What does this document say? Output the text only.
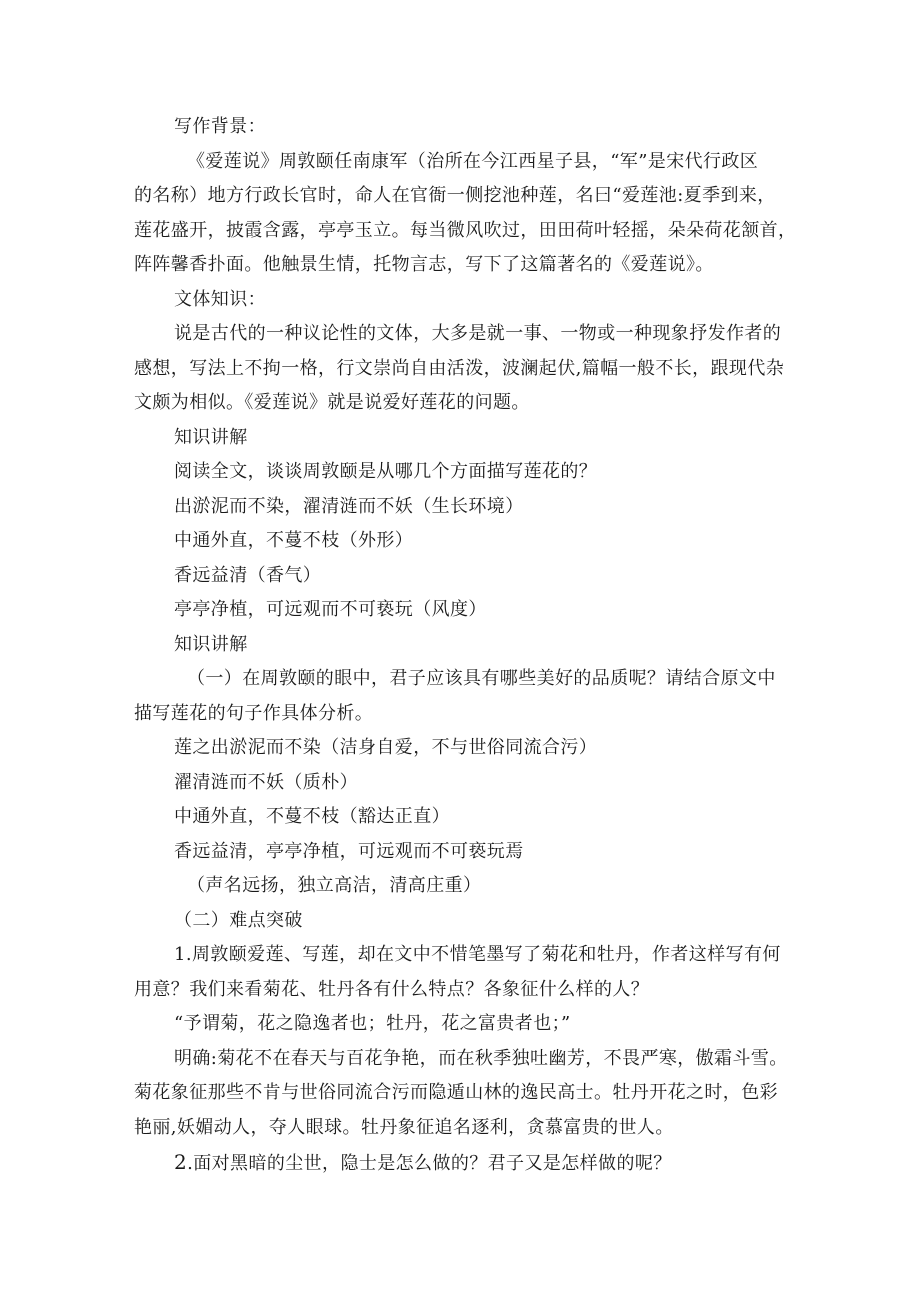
写作背景：
《爱莲说》周敦颐任南康军（治所在今江西星子县，“军”是宋代行政区
的名称）地方行政长官时，命人在官衙一侧挖池种莲，名曰“爱莲池:夏季到来，
莲花盛开，披霞含露，亭亭玉立。每当微风吹过，田田荷叶轻摇，朵朵荷花颔首，
阵阵馨香扑面。他触景生情，托物言志，写下了这篇著名的《爱莲说》。
文体知识：
说是古代的一种议论性的文体，大多是就一事、一物或一种现象抒发作者的
感想，写法上不拘一格，行文崇尚自由活泼，波澜起伏,篇幅一般不长，跟现代杂
文颇为相似。《爱莲说》就是说爱好莲花的问题。
知识讲解
阅读全文，谈谈周敦颐是从哪几个方面描写莲花的？
出淤泥而不染，濯清涟而不妖（生长环境）
中通外直，不蔓不枝（外形）
香远益清（香气）
亭亭净植，可远观而不可亵玩（风度）
知识讲解
（一）在周敦颐的眼中，君子应该具有哪些美好的品质呢？请结合原文中
描写莲花的句子作具体分析。
莲之出淤泥而不染（洁身自爱，不与世俗同流合污）
濯清涟而不妖（质朴）
中通外直，不蔓不枝（豁达正直）
香远益清，亭亭净植，可远观而不可亵玩焉
（声名远扬，独立高洁，清高庄重）
（二）难点突破
1.周敦颐爱莲、写莲，却在文中不惜笔墨写了菊花和牡丹，作者这样写有何
用意？我们来看菊花、牡丹各有什么特点？各象征什么样的人？
“予谓菊，花之隐逸者也；牡丹，花之富贵者也；”
明确:菊花不在春天与百花争艳，而在秋季独吐幽芳，不畏严寒，傲霜斗雪。
菊花象征那些不肯与世俗同流合污而隐遁山林的逸民高士。牡丹开花之时，色彩
艳丽,妖媚动人，夺人眼球。牡丹象征追名逐利，贪慕富贵的世人。
2.面对黑暗的尘世，隐士是怎么做的？君子又是怎样做的呢？
